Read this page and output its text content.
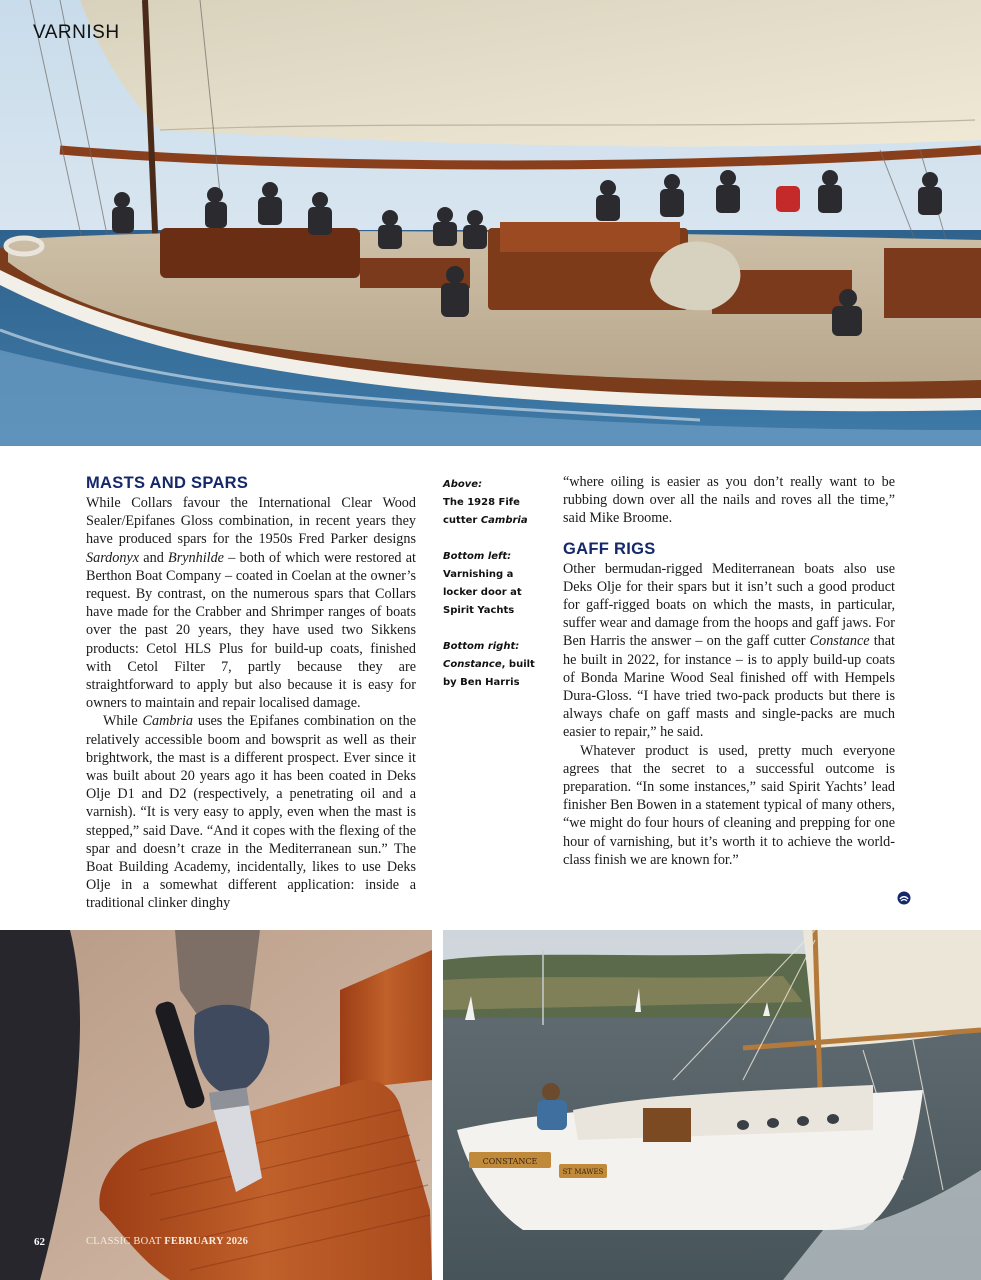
VARNISH
MASTS AND SPARS

While Collars favour the International Clear Wood Sealer/Epifanes Gloss combination, in recent years they have produced spars for the 1950s Fred Parker designs Sardonyx and Brynhilde – both of which were restored at Berthon Boat Company – coated in Coelan at the owner’s request. By contrast, on the numerous spars that Collars have made for the Crabber and Shrimper ranges of boats over the past 20 years, they have used two Sikkens products: Cetol HLS Plus for build-up coats, finished with Cetol Filter 7, partly because they are straightforward to apply but also because it is easy for owners to maintain and repair localised damage.

While Cambria uses the Epifanes combination on the relatively accessible boom and bowsprit as well as their brightwork, the mast is a different prospect. Ever since it was built about 20 years ago it has been coated in Deks Olje D1 and D2 (respectively, a penetrating oil and a varnish). “It is very easy to apply, even when the mast is stepped,” said Dave. “And it copes with the flexing of the spar and doesn’t craze in the Mediterranean sun.” The Boat Building Academy, incidentally, likes to use Deks Olje in a somewhat different application: inside a traditional clinker dinghy

Above:
The 1928 Fife cutter Cambria
Bottom left:
Varnishing a locker door at Spirit Yachts
Bottom right:
Constance, built by Ben Harris

“where oiling is easier as you don’t really want to be rubbing down over all the nails and roves all the time,” said Mike Broome.

GAFF RIGS

Other bermudan-rigged Mediterranean boats also use Deks Olje for their spars but it isn’t such a good product for gaff-rigged boats on which the masts, in particular, suffer wear and damage from the hoops and gaff jaws. For Ben Harris the answer – on the gaff cutter Constance that he built in 2022, for instance – is to apply build-up coats of Bonda Marine Wood Seal finished off with Hempels Dura-Gloss. “I have tried two-pack products but there is always chafe on gaff masts and single-packs are much easier to repair,” he said.

Whatever product is used, pretty much everyone agrees that the secret to a successful outcome is preparation. “In some instances,” said Spirit Yachts’ lead finisher Ben Bowen in a statement typical of many others, “we might do four hours of cleaning and prepping for one hour of varnishing, but it’s worth it to achieve the world-class finish we are known for.”

62	CLASSIC BOAT FEBRUARY 2026
CONSTANCE
ST MAWES
